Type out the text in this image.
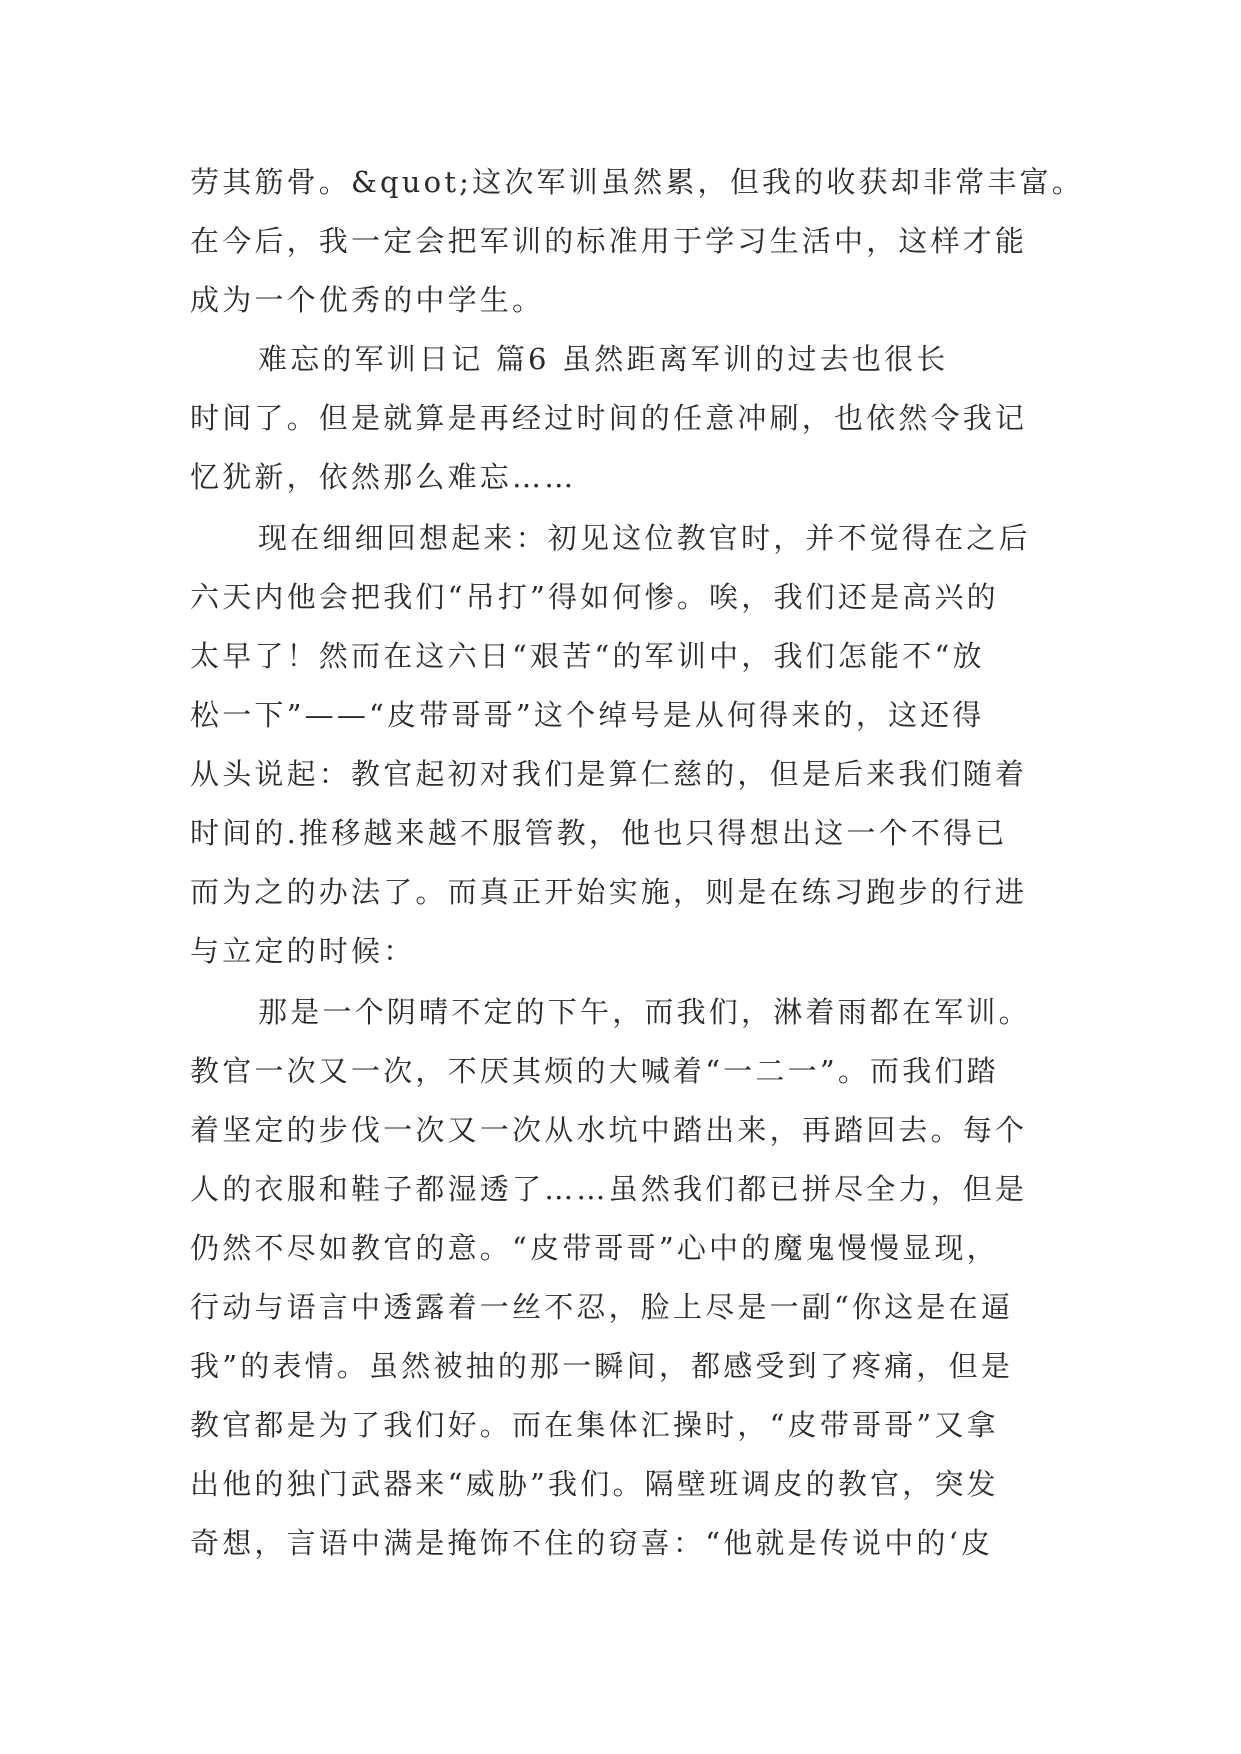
劳其筋骨。&quot;这次军训虽然累，但我的收获却非常丰富。
在今后，我一定会把军训的标准用于学习生活中，这样才能
成为一个优秀的中学生。
难忘的军训日记 篇6 虽然距离军训的过去也很长
时间了。但是就算是再经过时间的任意冲刷，也依然令我记
忆犹新，依然那么难忘……
现在细细回想起来：初见这位教官时，并不觉得在之后
六天内他会把我们“吊打”得如何惨。唉，我们还是高兴的
太早了！然而在这六日“艰苦“的军训中，我们怎能不“放
松一下”——“皮带哥哥”这个绰号是从何得来的，这还得
从头说起：教官起初对我们是算仁慈的，但是后来我们随着
时间的.推移越来越不服管教，他也只得想出这一个不得已
而为之的办法了。而真正开始实施，则是在练习跑步的行进
与立定的时候：
那是一个阴晴不定的下午，而我们，淋着雨都在军训。
教官一次又一次，不厌其烦的大喊着“一二一”。而我们踏
着坚定的步伐一次又一次从水坑中踏出来，再踏回去。每个
人的衣服和鞋子都湿透了……虽然我们都已拼尽全力，但是
仍然不尽如教官的意。“皮带哥哥”心中的魔鬼慢慢显现，
行动与语言中透露着一丝不忍，脸上尽是一副“你这是在逼
我”的表情。虽然被抽的那一瞬间，都感受到了疼痛，但是
教官都是为了我们好。而在集体汇操时，“皮带哥哥”又拿
出他的独门武器来“威胁”我们。隔壁班调皮的教官，突发
奇想，言语中满是掩饰不住的窃喜：“他就是传说中的‘皮
